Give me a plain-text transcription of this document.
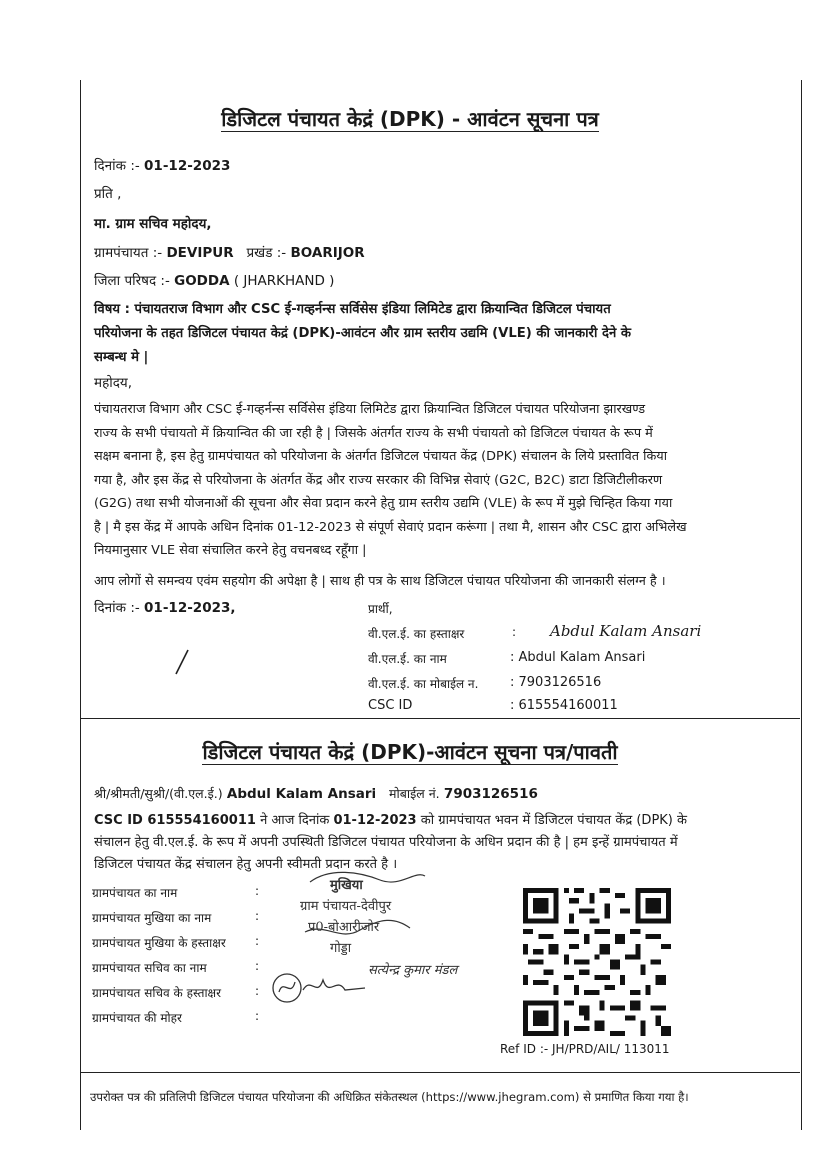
डिजिटल पंचायत केद्रं (DPK) - आवंटन सूचना पत्र
दिनांक :- 01-12-2023
प्रति ,
मा. ग्राम सचिव महोदय,
ग्रामपंचायत :- DEVIPUR प्रखंड :- BOARIJOR
जिला परिषद :- GODDA ( JHARKHAND )
विषय : पंचायतराज विभाग और CSC ई-गव्हर्नन्स सर्विसेस इंडिया लिमिटेड द्वारा क्रियान्वित डिजिटल पंचायत
परियोजना के तहत डिजिटल पंचायत केद्रं (DPK)-आवंटन और ग्राम स्तरीय उद्यमि (VLE) की जानकारी देने के
सम्बन्ध मे |
महोदय,
पंचायतराज विभाग और CSC ई-गव्हर्नन्स सर्विसेस इंडिया लिमिटेड द्वारा क्रियान्वित डिजिटल पंचायत परियोजना झारखण्ड
राज्य के सभी पंचायतो में क्रियान्वित की जा रही है | जिसके अंतर्गत राज्य के सभी पंचायतो को डिजिटल पंचायत के रूप में
सक्षम बनाना है, इस हेतु ग्रामपंचायत को परियोजना के अंतर्गत डिजिटल पंचायत केंद्र (DPK) संचालन के लिये प्रस्तावित किया
गया है, और इस केंद्र से परियोजना के अंतर्गत केंद्र और राज्य सरकार की विभिन्न सेवाएं (G2C, B2C) डाटा डिजिटीलीकरण
(G2G) तथा सभी योजनाओं की सूचना और सेवा प्रदान करने हेतु ग्राम स्तरीय उद्यमि (VLE) के रूप में मुझे चिन्हित किया गया
है | मै इस केंद्र में आपके अधिन दिनांक 01-12-2023 से संपूर्ण सेवाएं प्रदान करूंगा | तथा मै, शासन और CSC द्वारा अभिलेख
नियमानुसार VLE सेवा संचालित करने हेतु वचनबध्द रहूँगा |
आप लोगों से समन्वय एवंम सहयोग की अपेक्षा है | साथ ही पत्र के साथ डिजिटल पंचायत परियोजना की जानकारी संलग्न है ।
दिनांक :- 01-12-2023,	प्रार्थी,
वी.एल.ई. का हस्ताक्षर	: Abdul Kalam Ansari
वी.एल.ई. का नाम	: Abdul Kalam Ansari
वी.एल.ई. का मोबाईल न. : 7903126516
CSC ID	: 615554160011
डिजिटल पंचायत केद्रं (DPK)-आवंटन सूचना पत्र/पावती
श्री/श्रीमती/सुश्री/(वी.एल.ई.) Abdul Kalam Ansari मोबाईल नं. 7903126516
CSC ID 615554160011 ने आज दिनांक 01-12-2023 को ग्रामपंचायत भवन में डिजिटल पंचायत केंद्र (DPK) के
संचालन हेतु वी.एल.ई. के रूप में अपनी उपस्थिती डिजिटल पंचायत परियोजना के अधिन प्रदान की है | हम इन्हें ग्रामपंचायत में
डिजिटल पंचायत केंद्र संचालन हेतु अपनी स्वीमती प्रदान करते है ।
ग्रामपंचायत का नाम	:
ग्रामपंचायत मुखिया का नाम	:
ग्रामपंचायत मुखिया के हस्ताक्षर :
ग्रामपंचायत सचिव का नाम	:
ग्रामपंचायत सचिव के हस्ताक्षर	:
ग्रामपंचायत की मोहर	:
मुखिया
ग्राम पंचायत-देवीपुर
प्र0-बोआरीजोर
गोड्डा
सत्येन्द्र कुमार मंडल
Ref ID :- JH/PRD/AIL/ 113011
उपरोक्त पत्र की प्रतिलिपी डिजिटल पंचायत परियोजना की अधिक्रित संकेतस्थल (https://www.jhegram.com) से प्रमाणित किया गया है।
